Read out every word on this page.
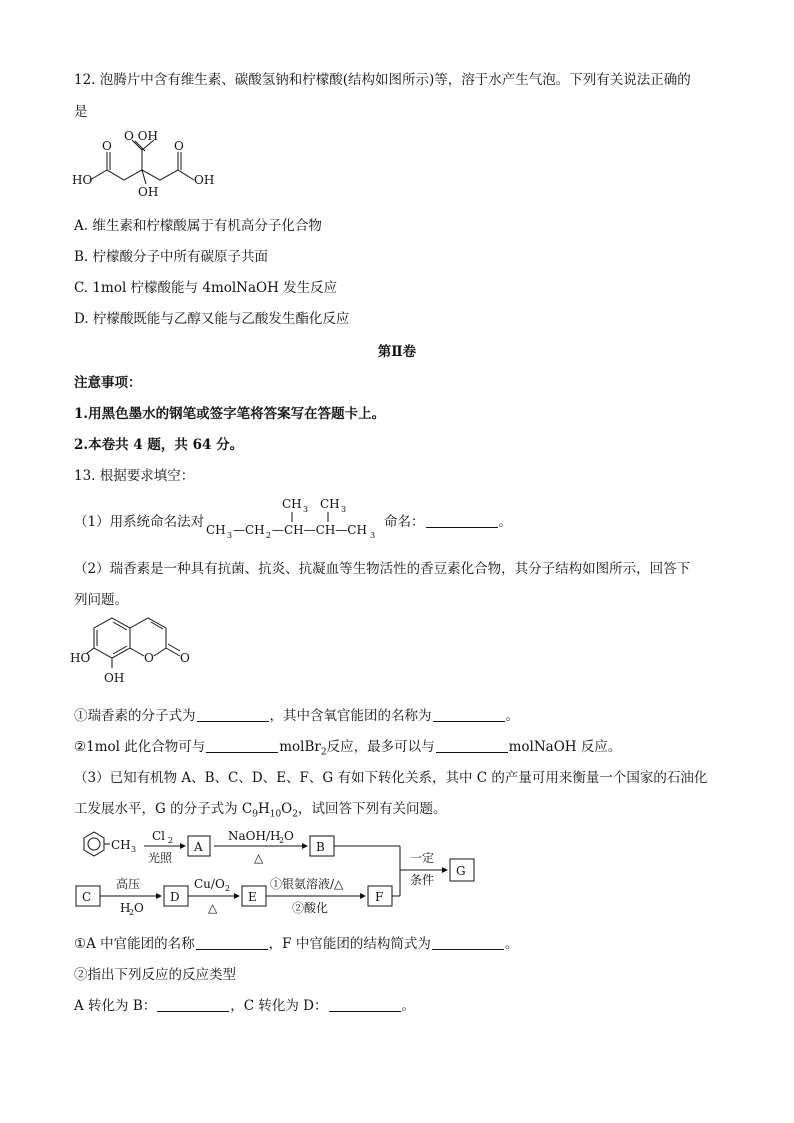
12. 泡腾片中含有维生素、碳酸氢钠和柠檬酸(结构如图所示)等，溶于水产生气泡。下列有关说法正确的
是
O OH
O	O
HO
OH
OH
A. 维生素和柠檬酸属于有机高分子化合物
B. 柠檬酸分子中所有碳原子共面
C. 1mol 柠檬酸能与 4molNaOH 发生反应
D. 柠檬酸既能与乙醇又能与乙酸发生酯化反应
第Ⅱ卷
注意事项：
1.用黑色墨水的钢笔或签字笔将答案写在答题卡上。
2.本卷共 4 题，共 64 分。
13. 根据要求填空：
（1）用系统命名法对
CH 3 CH 3
CH 3 —CH 2 —CH—CH—CH 3
命名：	。
（2）瑞香素是一种具有抗菌、抗炎、抗凝血等生物活性的香豆素化合物，其分子结构如图所示，回答下
列问题。
O O
HO
OH
①瑞香素的分子式为	，其中含氧官能团的名称为	。
②1mol 此化合物可与	molBr$_2$反应，最多可以与	molNaOH 反应。
（3）已知有机物 A、B、C、D、E、F、G 有如下转化关系，其中 C 的产量可用来衡量一个国家的石油化
工发展水平，G 的分子式为 $C_9H_{10}O_2$，试回答下列有关问题。
CH 3
Cl 2
光照
A
NaOH/H
2 O
△
B
C
高压
H
2 O
D
Cu/O 2
△
E
①银氨溶液/△
②酸化
F
一定
条件
G
①A 中官能团的名称	，F 中官能团的结构简式为	。
②指出下列反应的反应类型
A 转化为 B：	，C 转化为 D：	。
